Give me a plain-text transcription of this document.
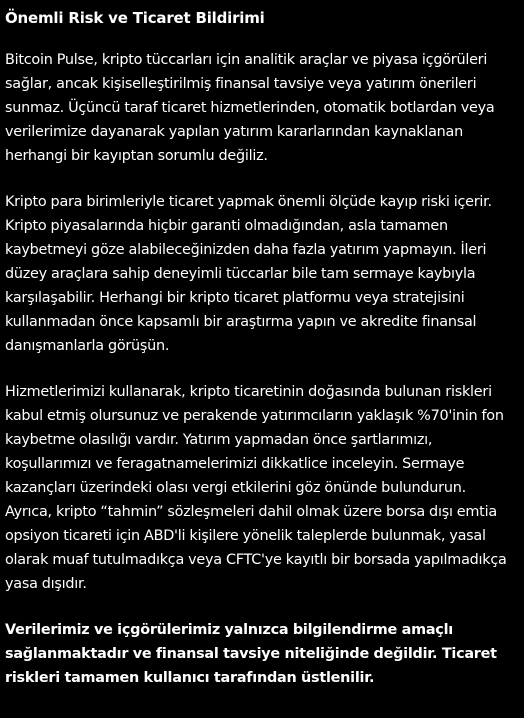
Önemli Risk ve Ticaret Bildirimi

Bitcoin Pulse, kripto tüccarları için analitik araçlar ve piyasa içgörüleri sağlar, ancak kişiselleştirilmiş finansal tavsiye veya yatırım önerileri sunmaz. Üçüncü taraf ticaret hizmetlerinden, otomatik botlardan veya verilerimize dayanarak yapılan yatırım kararlarından kaynaklanan herhangi bir kayıptan sorumlu değiliz.

Kripto para birimleriyle ticaret yapmak önemli ölçüde kayıp riski içerir. Kripto piyasalarında hiçbir garanti olmadığından, asla tamamen kaybetmeyi göze alabileceğinizden daha fazla yatırım yapmayın. İleri düzey araçlara sahip deneyimli tüccarlar bile tam sermaye kaybıyla karşılaşabilir. Herhangi bir kripto ticaret platformu veya stratejisini kullanmadan önce kapsamlı bir araştırma yapın ve akredite finansal danışmanlarla görüşün.

Hizmetlerimizi kullanarak, kripto ticaretinin doğasında bulunan riskleri kabul etmiş olursunuz ve perakende yatırımcıların yaklaşık %70'inin fon kaybetme olasılığı vardır. Yatırım yapmadan önce şartlarımızı, koşullarımızı ve feragatnamelerimizi dikkatlice inceleyin. Sermaye kazançları üzerindeki olası vergi etkilerini göz önünde bulundurun. Ayrıca, kripto “tahmin” sözleşmeleri dahil olmak üzere borsa dışı emtia opsiyon ticareti için ABD'li kişilere yönelik taleplerde bulunmak, yasal olarak muaf tutulmadıkça veya CFTC'ye kayıtlı bir borsada yapılmadıkça yasa dışıdır.

Verilerimiz ve içgörülerimiz yalnızca bilgilendirme amaçlı sağlanmaktadır ve finansal tavsiye niteliğinde değildir. Ticaret riskleri tamamen kullanıcı tarafından üstlenilir.
